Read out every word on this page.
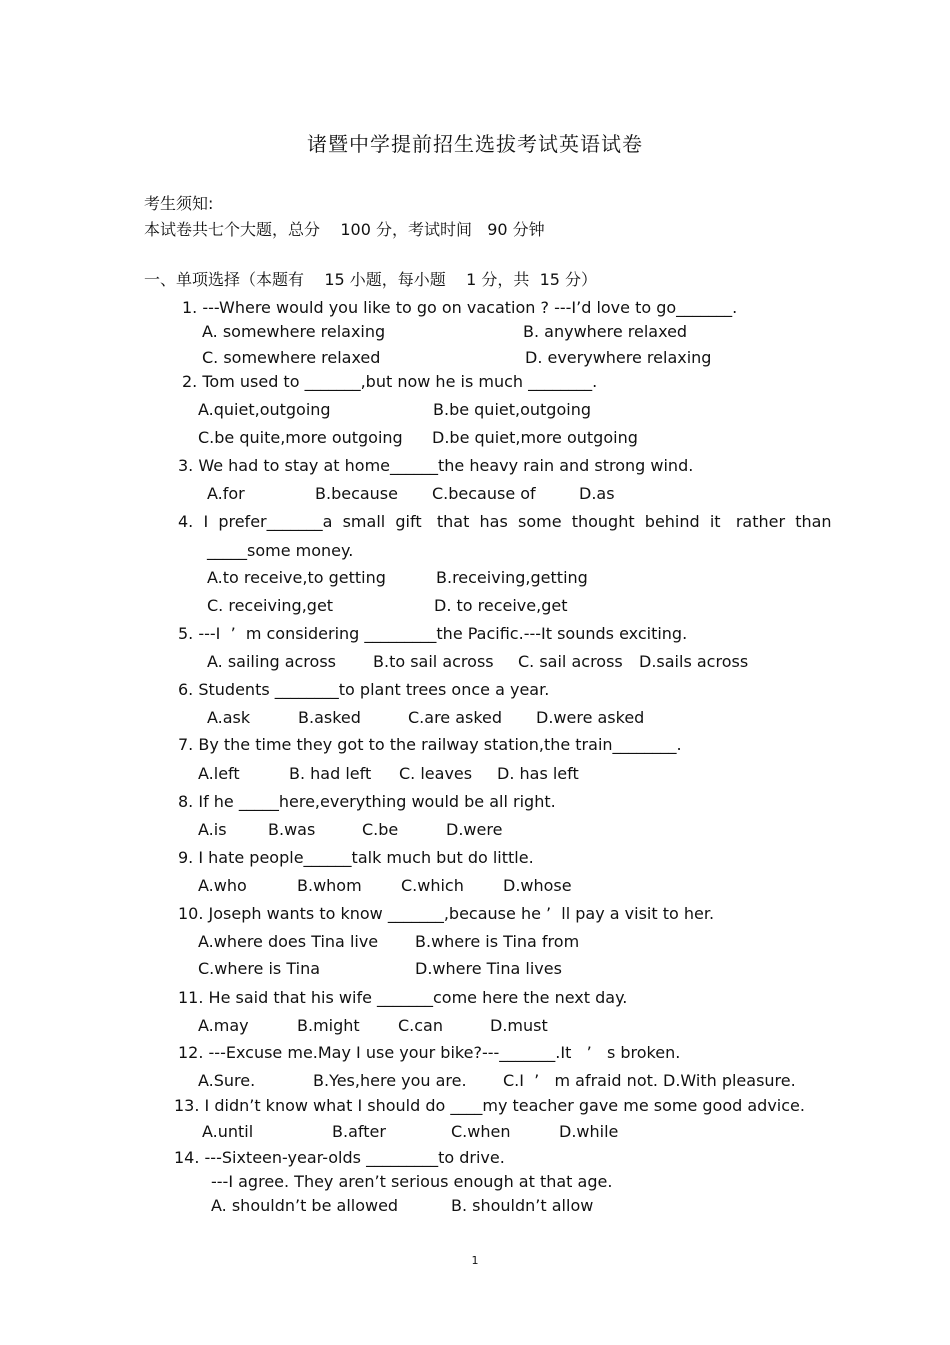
诸暨中学提前招生选拔考试英语试卷
考生须知:
本试卷共七个大题，总分    100 分，考试时间   90 分钟
一、单项选择（本题有    15 小题，每小题    1 分，共  15 分）
1. ---Where would you like to go on vacation ? ---I’d love to go_______.
A. somewhere relaxing	B. anywhere relaxed
C. somewhere relaxed	D. everywhere relaxing
2. Tom used to _______,but now he is much ________.
A.quiet,outgoing	B.be quiet,outgoing
C.be quite,more outgoing D.be quiet,more outgoing
3. We had to stay at home______the heavy rain and strong wind.
A.for	B.because C.because of	D.as
4.  I  prefer_______a  small  gift   that  has  some  thought  behind  it   rather  than
_____some money.
A.to receive,to getting	B.receiving,getting
C. receiving,get	D. to receive,get
5. ---I  ’  m considering _________the Pacific.---It sounds exciting.
A. sailing across B.to sail across C. sail across D.sails across
6. Students ________to plant trees once a year.
A.ask	B.asked	C.are asked D.were asked
7. By the time they got to the railway station,the train________.
A.left	B. had left C. leaves D. has left
8. If he _____here,everything would be all right.
A.is	B.was	C.be	D.were
9. I hate people______talk much but do little.
A.who	B.whom C.which D.whose
10. Joseph wants to know _______,because he ’  ll pay a visit to her.
A.where does Tina live B.where is Tina from
C.where is Tina	D.where Tina lives
11. He said that his wife _______come here the next day.
A.may	B.might C.can	D.must
12. ---Excuse me.May I use your bike?---_______.It   ’   s broken.
A.Sure.	B.Yes,here you are. C.I  ’   m afraid not. D.With pleasure.
13. I didn’t know what I should do ____my teacher gave me some good advice.
A.until	B.after	C.when	D.while
14. ---Sixteen-year-olds _________to drive.
---I agree. They aren’t serious enough at that age.
A. shouldn’t be allowed	B. shouldn’t allow
1
